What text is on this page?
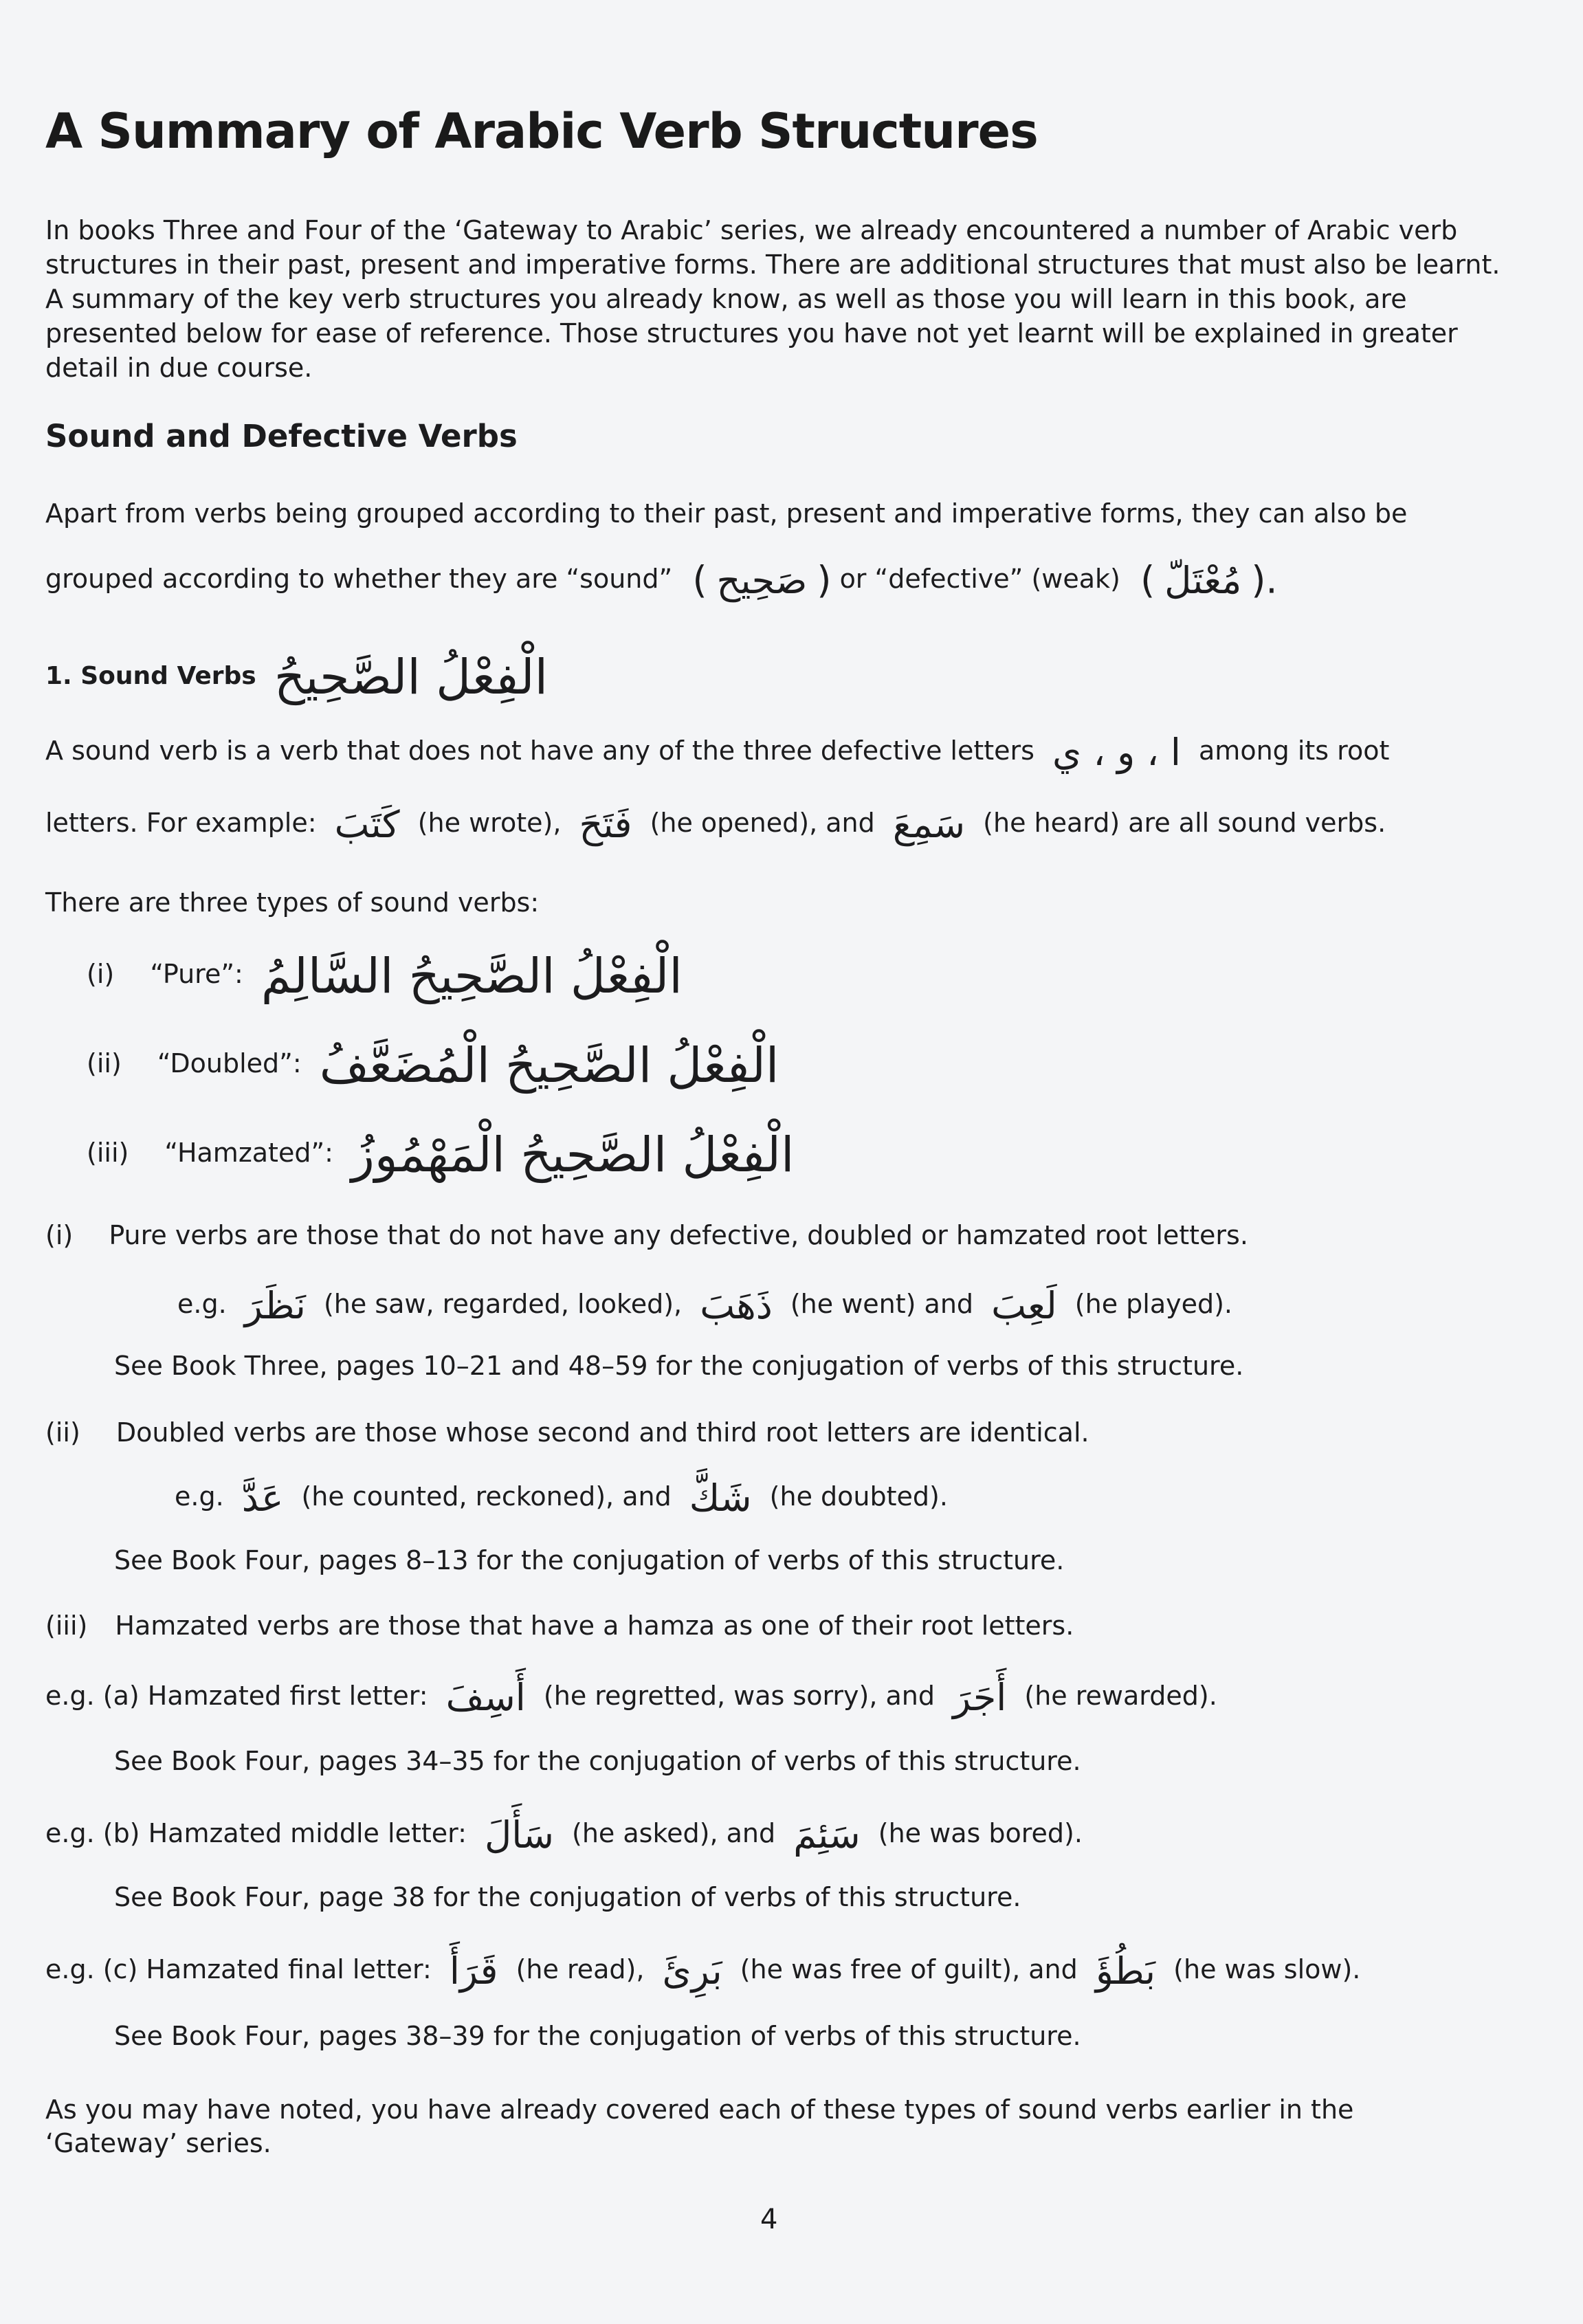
A Summary of Arabic Verb Structures
In books Three and Four of the ‘Gateway to Arabic’ series, we already encountered a number of Arabic verb structures in their past, present and imperative forms. There are additional structures that must also be learnt. A summary of the key verb structures you already know, as well as those you will learn in this book, are presented below for ease of reference. Those structures you have not yet learnt will be explained in greater detail in due course.
Sound and Defective Verbs
Apart from verbs being grouped according to their past, present and imperative forms, they can also be
grouped according to whether they are “sound”  ( صَحِيح ) or “defective” (weak)  ( مُعْتَلّ ).
1. Sound Verbs الْفِعْلُ الصَّحِيحُ
A sound verb is a verb that does not have any of the three defective letters ا ، و ، ي among its root
letters. For example: كَتَبَ (he wrote), فَتَحَ (he opened), and سَمِعَ (he heard) are all sound verbs.
There are three types of sound verbs:
(i) “Pure”: الْفِعْلُ الصَّحِيحُ السَّالِمُ
(ii) “Doubled”: الْفِعْلُ الصَّحِيحُ الْمُضَعَّفُ
(iii) “Hamzated”: الْفِعْلُ الصَّحِيحُ الْمَهْمُوزُ
(i) Pure verbs are those that do not have any defective, doubled or hamzated root letters.
e.g. نَظَرَ (he saw, regarded, looked), ذَهَبَ (he went) and لَعِبَ (he played).
See Book Three, pages 10–21 and 48–59 for the conjugation of verbs of this structure.
(ii) Doubled verbs are those whose second and third root letters are identical.
e.g. عَدَّ (he counted, reckoned), and شَكَّ (he doubted).
See Book Four, pages 8–13 for the conjugation of verbs of this structure.
(iii) Hamzated verbs are those that have a hamza as one of their root letters.
e.g. (a) Hamzated first letter: أَسِفَ (he regretted, was sorry), and أَجَرَ (he rewarded).
See Book Four, pages 34–35 for the conjugation of verbs of this structure.
e.g. (b) Hamzated middle letter: سَأَلَ (he asked), and سَئِمَ (he was bored).
See Book Four, page 38 for the conjugation of verbs of this structure.
e.g. (c) Hamzated final letter: قَرَأَ (he read), بَرِئَ (he was free of guilt), and بَطُؤَ (he was slow).
See Book Four, pages 38–39 for the conjugation of verbs of this structure.
As you may have noted, you have already covered each of these types of sound verbs earlier in the
‘Gateway’ series.
4
